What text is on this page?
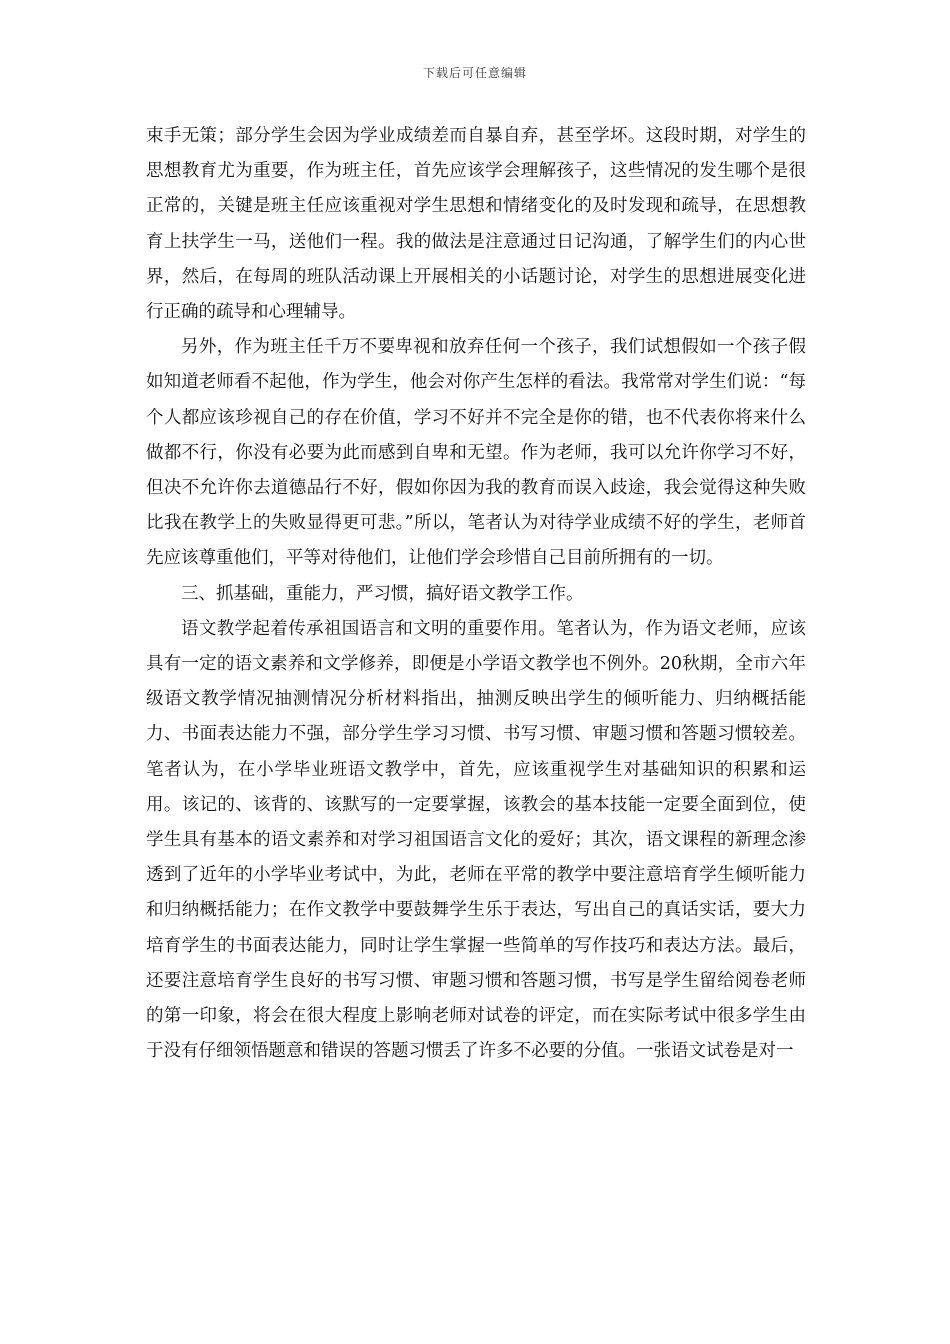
下载后可任意编辑

束手无策；部分学生会因为学业成绩差而自暴自弃，甚至学坏。这段时期，对学生的思想教育尤为重要，作为班主任，首先应该学会理解孩子，这些情况的发生哪个是很正常的，关键是班主任应该重视对学生思想和情绪变化的及时发现和疏导，在思想教育上扶学生一马，送他们一程。我的做法是注意通过日记沟通，了解学生们的内心世界，然后，在每周的班队活动课上开展相关的小话题讨论，对学生的思想进展变化进行正确的疏导和心理辅导。

另外，作为班主任千万不要卑视和放弃任何一个孩子，我们试想假如一个孩子假如知道老师看不起他，作为学生，他会对你产生怎样的看法。我常常对学生们说：“每个人都应该珍视自己的存在价值，学习不好并不完全是你的错，也不代表你将来什么做都不行，你没有必要为此而感到自卑和无望。作为老师，我可以允许你学习不好，但决不允许你去道德品行不好，假如你因为我的教育而误入歧途，我会觉得这种失败比我在教学上的失败显得更可悲。”所以，笔者认为对待学业成绩不好的学生，老师首先应该尊重他们，平等对待他们，让他们学会珍惜自己目前所拥有的一切。

三、抓基础，重能力，严习惯，搞好语文教学工作。

语文教学起着传承祖国语言和文明的重要作用。笔者认为，作为语文老师，应该具有一定的语文素养和文学修养，即便是小学语文教学也不例外。20秋期，全市六年级语文教学情况抽测情况分析材料指出，抽测反映出学生的倾听能力、归纳概括能力、书面表达能力不强，部分学生学习习惯、书写习惯、审题习惯和答题习惯较差。笔者认为，在小学毕业班语文教学中，首先，应该重视学生对基础知识的积累和运用。该记的、该背的、该默写的一定要掌握，该教会的基本技能一定要全面到位，使学生具有基本的语文素养和对学习祖国语言文化的爱好；其次，语文课程的新理念渗透到了近年的小学毕业考试中，为此，老师在平常的教学中要注意培育学生倾听能力和归纳概括能力；在作文教学中要鼓舞学生乐于表达，写出自己的真话实话，要大力培育学生的书面表达能力，同时让学生掌握一些简单的写作技巧和表达方法。最后，还要注意培育学生良好的书写习惯、审题习惯和答题习惯，书写是学生留给阅卷老师的第一印象，将会在很大程度上影响老师对试卷的评定，而在实际考试中很多学生由于没有仔细领悟题意和错误的答题习惯丢了许多不必要的分值。一张语文试卷是对一
